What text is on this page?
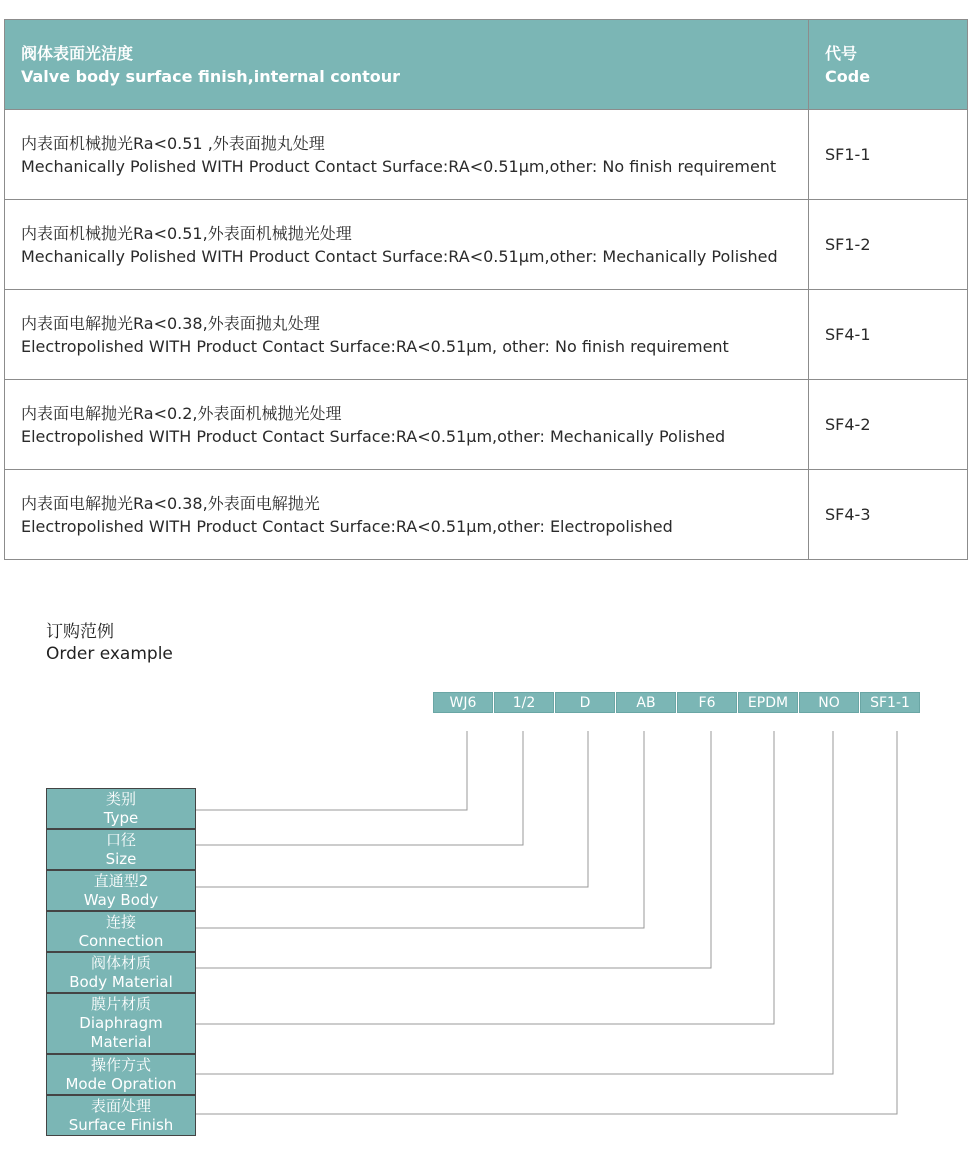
阀体表面光洁度
Valve body surface finish,internal contour	代号
Code

内表面机械抛光Ra<0.51 ,外表面抛丸处理
Mechanically Polished WITH Product Contact Surface:RA<0.51μm,other: No finish requirement	SF1-1

内表面机械抛光Ra<0.51,外表面机械抛光处理
Mechanically Polished WITH Product Contact Surface:RA<0.51μm,other: Mechanically Polished	SF1-2

内表面电解抛光Ra<0.38,外表面抛丸处理
Electropolished WITH Product Contact Surface:RA<0.51μm, other: No finish requirement	SF4-1

内表面电解抛光Ra<0.2,外表面机械抛光处理
Electropolished WITH Product Contact Surface:RA<0.51μm,other: Mechanically Polished	SF4-2

内表面电解抛光Ra<0.38,外表面电解抛光
Electropolished WITH Product Contact Surface:RA<0.51μm,other: Electropolished	SF4-3
订购范例
Order example
WJ6	1/2	D	AB	F6	EPDM	NO	SF1-1
类别
Type
口径
Size
直通型2
Way Body
连接
Connection
阀体材质
Body Material
膜片材质
Diaphragm Material
操作方式
Mode Opration
表面处理
Surface Finish
